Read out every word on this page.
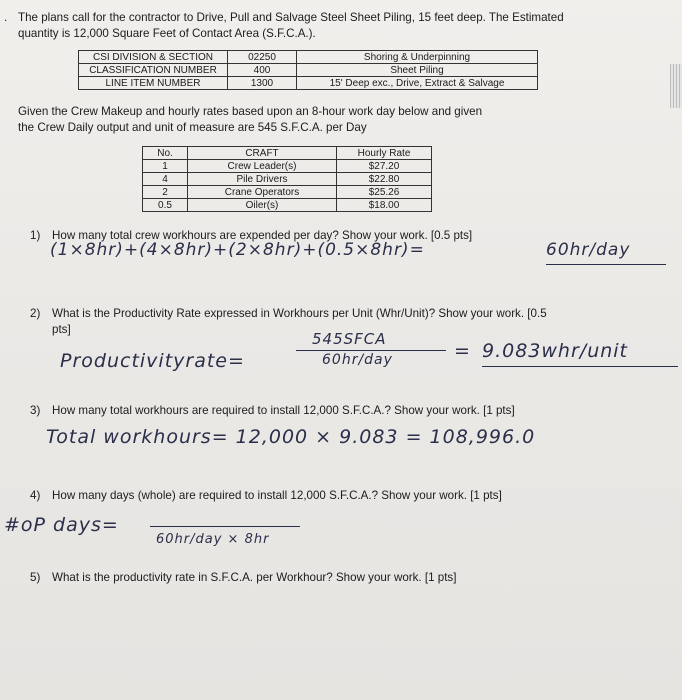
. The plans call for the contractor to Drive, Pull and Salvage Steel Sheet Piling, 15 feet deep. The Estimated
quantity is 12,000 Square Feet of Contact Area (S.F.C.A.).
CSI DIVISION & SECTION	02250	Shoring & Underpinning
CLASSIFICATION NUMBER	400	Sheet Piling
LINE ITEM NUMBER	1300	15' Deep exc., Drive, Extract & Salvage
Given the Crew Makeup and hourly rates based upon an 8-hour work day below and given
the Crew Daily output and unit of measure are 545 S.F.C.A. per Day
No.	CRAFT	Hourly Rate
1	Crew Leader(s)	$27.20
4	Pile Drivers	$22.80
2	Crane Operators	$25.26
0.5	Oiler(s)	$18.00
1) How many total crew workhours are expended per day? Show your work. [0.5 pts]
(1×8hr)+(4×8hr)+(2×8hr)+(0.5×8hr)=	60hr/day
2) What is the Productivity Rate expressed in Workhours per Unit (Whr/Unit)? Show your work. [0.5
pts]
545SFCA
60hr/day
Productivityrate=	= 9.083whr/unit
3) How many total workhours are required to install 12,000 S.F.C.A.? Show your work. [1 pts]
Total workhours= 12,000 × 9.083 = 108,996.0
4) How many days (whole) are required to install 12,000 S.F.C.A.? Show your work. [1 pts]
#oP days=
60hr/day × 8hr
5) What is the productivity rate in S.F.C.A. per Workhour? Show your work. [1 pts]
